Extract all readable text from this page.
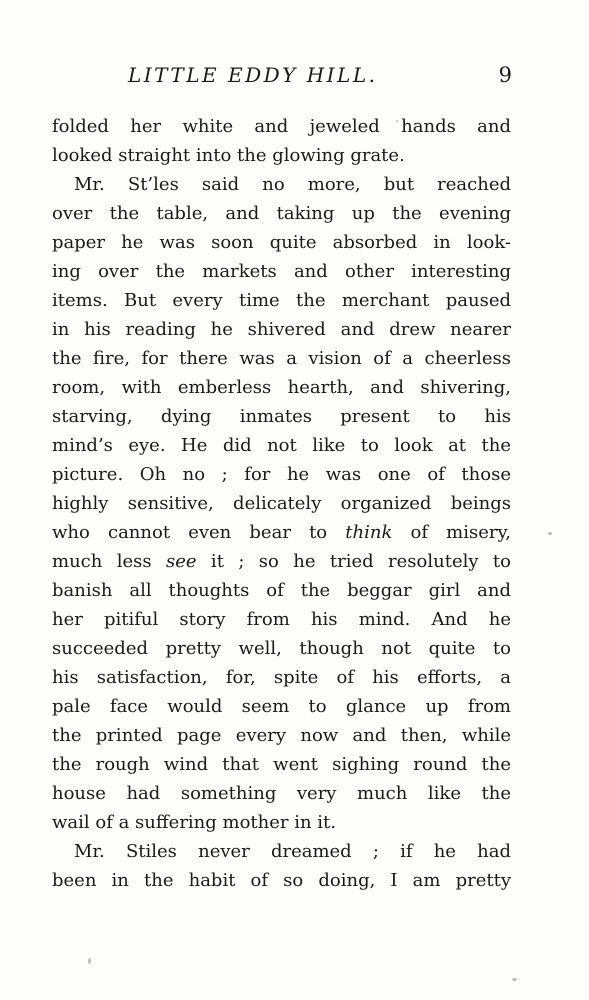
LITTLE EDDY HILL.	9
folded her white and jeweled hands and
looked straight into the glowing grate.
Mr. St’les said no more, but reached
over the table, and taking up the evening
paper he was soon quite absorbed in look-
ing over the markets and other interesting
items. But every time the merchant paused
in his reading he shivered and drew nearer
the fire, for there was a vision of a cheerless
room, with emberless hearth, and shivering,
starving, dying inmates present to his
mind’s eye. He did not like to look at the
picture. Oh no ; for he was one of those
highly sensitive, delicately organized beings
who cannot even bear to think of misery,
much less see it ; so he tried resolutely to
banish all thoughts of the beggar girl and
her pitiful story from his mind. And he
succeeded pretty well, though not quite to
his satisfaction, for, spite of his efforts, a
pale face would seem to glance up from
the printed page every now and then, while
the rough wind that went sighing round the
house had something very much like the
wail of a suffering mother in it.
Mr. Stiles never dreamed ; if he had
been in the habit of so doing, I am pretty
